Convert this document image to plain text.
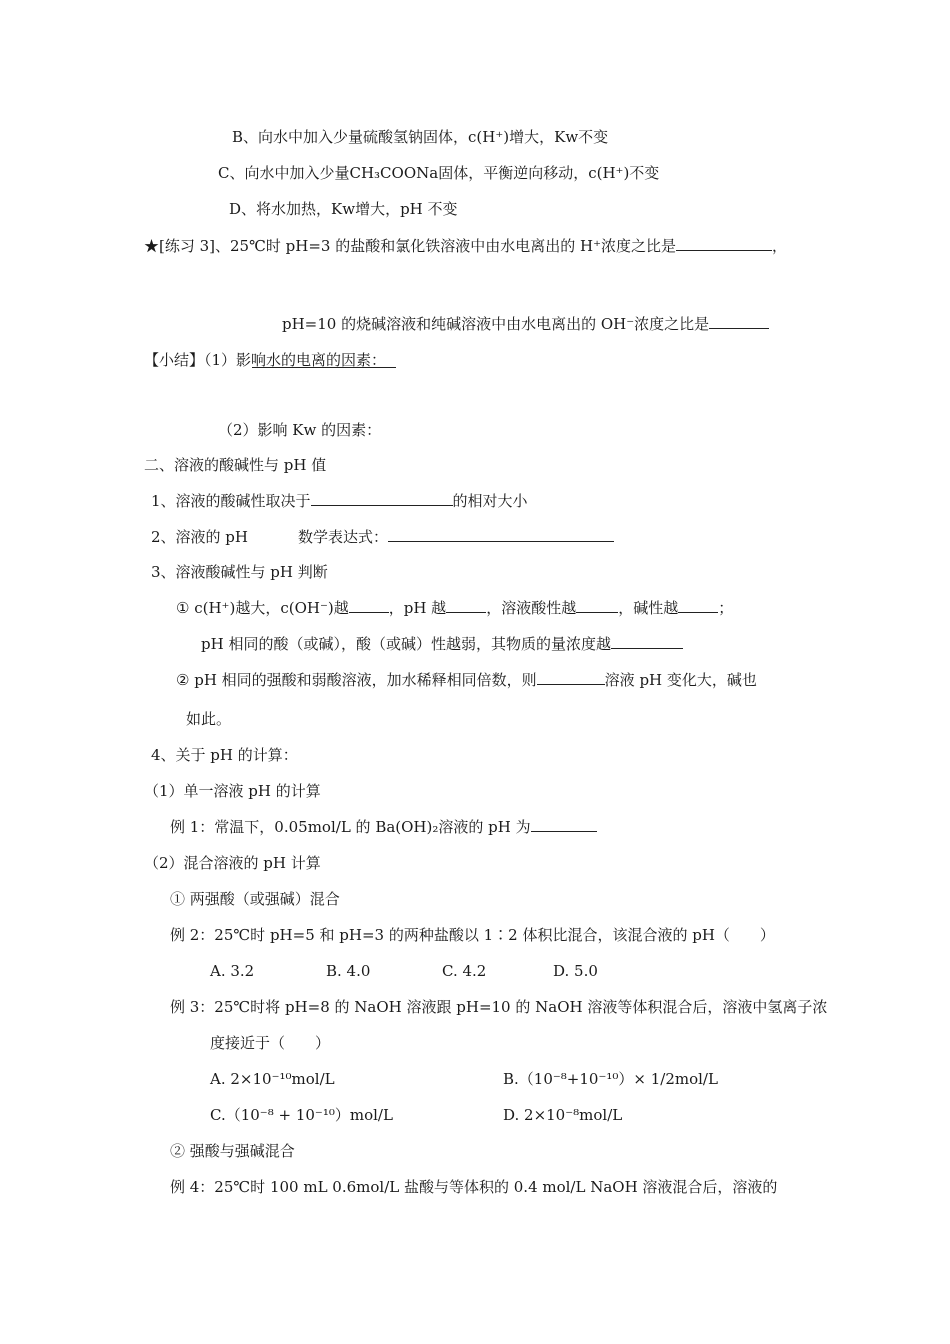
B、向水中加入少量硫酸氢钠固体，c(H⁺)增大，Kw不变
C、向水中加入少量CH₃COONa固体，平衡逆向移动，c(H⁺)不变
D、将水加热，Kw增大，pH 不变
★[练习 3]、25℃时 pH=3 的盐酸和氯化铁溶液中由水电离出的 H⁺浓度之比是	，
pH=10 的烧碱溶液和纯碱溶液中由水电离出的 OH⁻浓度之比是
【小结】（1）影响水的电离的因素：
（2）影响 Kw 的因素：
二、溶液的酸碱性与 pH 值
1、溶液的酸碱性取决于	的相对大小
2、溶液的 pH	数学表达式：
3、溶液酸碱性与 pH 判断
① c(H⁺)越大，c(OH⁻)越	，pH 越	，溶液酸性越	，碱性越	；
pH 相同的酸（或碱），酸（或碱）性越弱，其物质的量浓度越
② pH 相同的强酸和弱酸溶液，加水稀释相同倍数，则	溶液 pH 变化大，碱也
如此。
4、关于 pH 的计算：
（1）单一溶液 pH 的计算
例 1：常温下，0.05mol/L 的 Ba(OH)₂溶液的 pH 为
（2）混合溶液的 pH 计算
① 两强酸（或强碱）混合
例 2：25℃时 pH=5 和 pH=3 的两种盐酸以 1∶2 体积比混合，该混合液的 pH（　　）
A. 3.2	B. 4.0	C. 4.2	D. 5.0
例 3：25℃时将 pH=8 的 NaOH 溶液跟 pH=10 的 NaOH 溶液等体积混合后，溶液中氢离子浓
度接近于（　　）
A. 2×10⁻¹⁰mol/L	B.（10⁻⁸+10⁻¹⁰）× 1/2mol/L
C.（10⁻⁸ + 10⁻¹⁰）mol/L	D. 2×10⁻⁸mol/L
② 强酸与强碱混合
例 4：25℃时 100 mL 0.6mol/L 盐酸与等体积的 0.4 mol/L NaOH 溶液混合后，溶液的
